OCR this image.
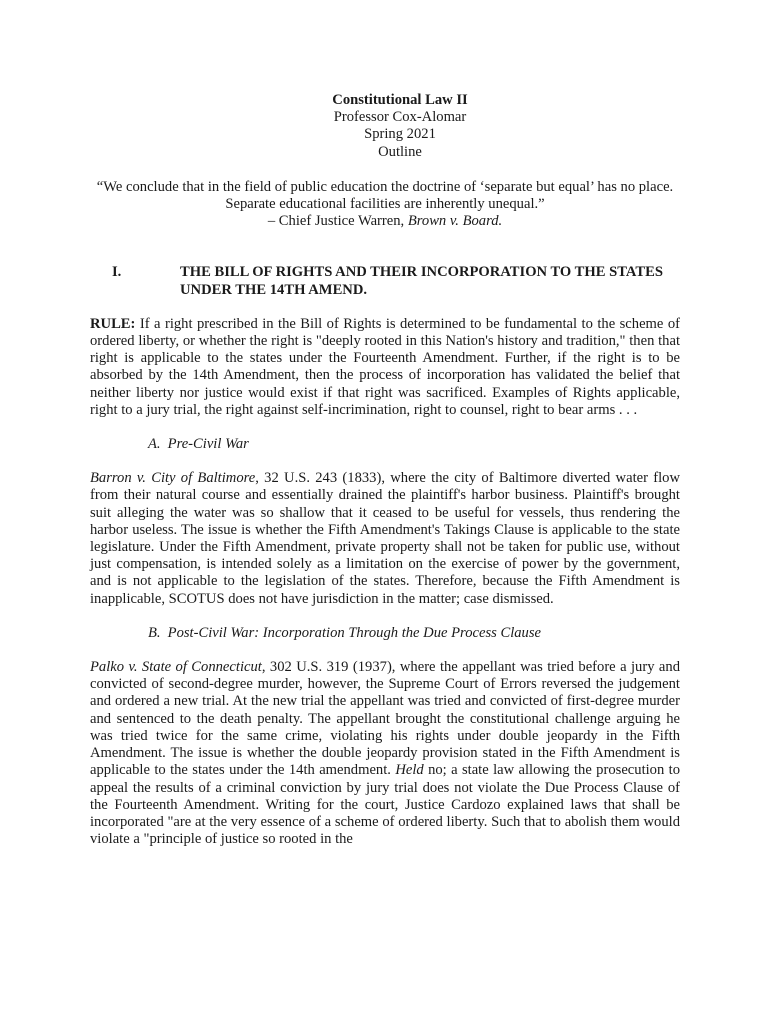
Constitutional Law II
Professor Cox-Alomar
Spring 2021
Outline
“We conclude that in the field of public education the doctrine of ‘separate but equal’ has no place. Separate educational facilities are inherently unequal.”
– Chief Justice Warren, Brown v. Board.
I.	THE BILL OF RIGHTS AND THEIR INCORPORATION TO THE STATES UNDER THE 14TH AMEND.
RULE: If a right prescribed in the Bill of Rights is determined to be fundamental to the scheme of ordered liberty, or whether the right is "deeply rooted in this Nation's history and tradition," then that right is applicable to the states under the Fourteenth Amendment. Further, if the right is to be absorbed by the 14th Amendment, then the process of incorporation has validated the belief that neither liberty nor justice would exist if that right was sacrificed. Examples of Rights applicable, right to a jury trial, the right against self-incrimination, right to counsel, right to bear arms . . .
A. Pre-Civil War
Barron v. City of Baltimore, 32 U.S. 243 (1833), where the city of Baltimore diverted water flow from their natural course and essentially drained the plaintiff's harbor business. Plaintiff's brought suit alleging the water was so shallow that it ceased to be useful for vessels, thus rendering the harbor useless. The issue is whether the Fifth Amendment's Takings Clause is applicable to the state legislature. Under the Fifth Amendment, private property shall not be taken for public use, without just compensation, is intended solely as a limitation on the exercise of power by the government, and is not applicable to the legislation of the states. Therefore, because the Fifth Amendment is inapplicable, SCOTUS does not have jurisdiction in the matter; case dismissed.
B. Post-Civil War: Incorporation Through the Due Process Clause
Palko v. State of Connecticut, 302 U.S. 319 (1937), where the appellant was tried before a jury and convicted of second-degree murder, however, the Supreme Court of Errors reversed the judgement and ordered a new trial. At the new trial the appellant was tried and convicted of first-degree murder and sentenced to the death penalty. The appellant brought the constitutional challenge arguing he was tried twice for the same crime, violating his rights under double jeopardy in the Fifth Amendment. The issue is whether the double jeopardy provision stated in the Fifth Amendment is applicable to the states under the 14th amendment. Held no; a state law allowing the prosecution to appeal the results of a criminal conviction by jury trial does not violate the Due Process Clause of the Fourteenth Amendment. Writing for the court, Justice Cardozo explained laws that shall be incorporated "are at the very essence of a scheme of ordered liberty. Such that to abolish them would violate a "principle of justice so rooted in the
